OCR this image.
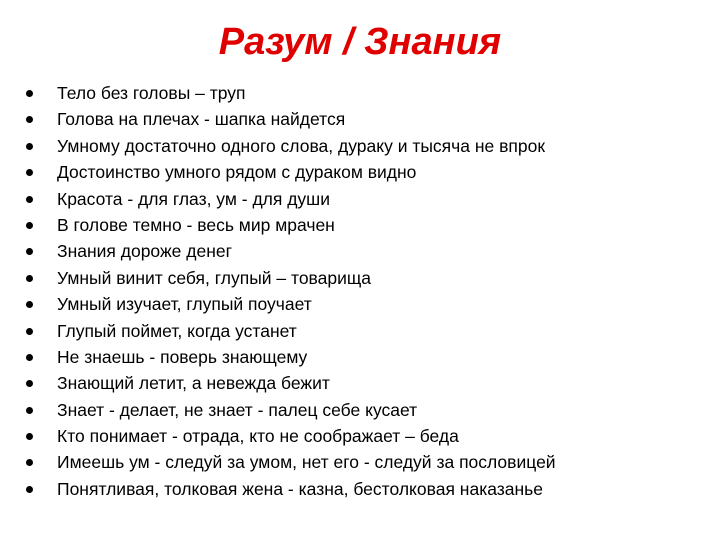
Разум / Знания
Тело без головы – труп
Голова на плечах - шапка найдется
Умному достаточно одного слова, дураку и тысяча не впрок
Достоинство умного рядом с дураком видно
Красота - для глаз, ум - для души
В голове темно - весь мир мрачен
Знания дороже денег
Умный винит себя, глупый – товарища
Умный изучает, глупый поучает
Глупый поймет, когда устанет
Не знаешь - поверь знающему
Знающий летит, а невежда бежит
Знает - делает, не знает - палец себе кусает
Кто понимает - отрада, кто не соображает – беда
Имеешь ум - следуй за умом, нет его - следуй за пословицей
Понятливая, толковая жена - казна, бестолковая наказанье
